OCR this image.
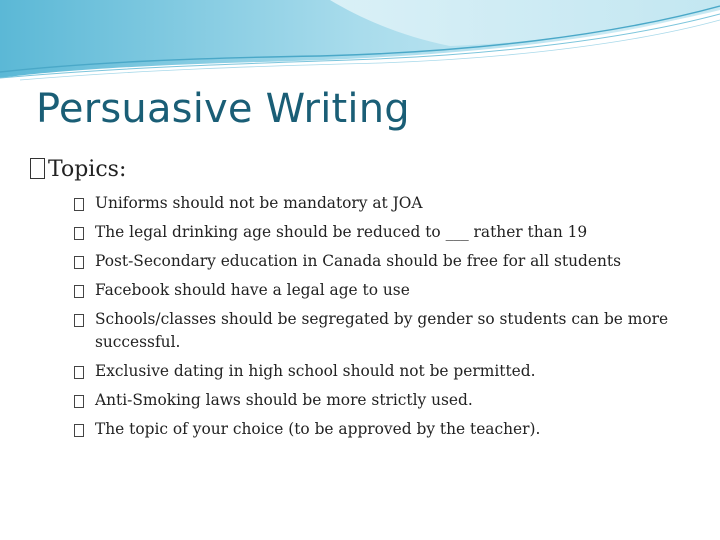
Persuasive Writing
Topics:
Uniforms should not be mandatory at JOA
The legal drinking age should be reduced to ___ rather than 19
Post-Secondary education in Canada should be free for all students
Facebook should have a legal age to use
Schools/classes should be segregated by gender so students can be more successful.
Exclusive dating in high school should not be permitted.
Anti-Smoking laws should be more strictly used.
The topic of your choice (to be approved by the teacher).
